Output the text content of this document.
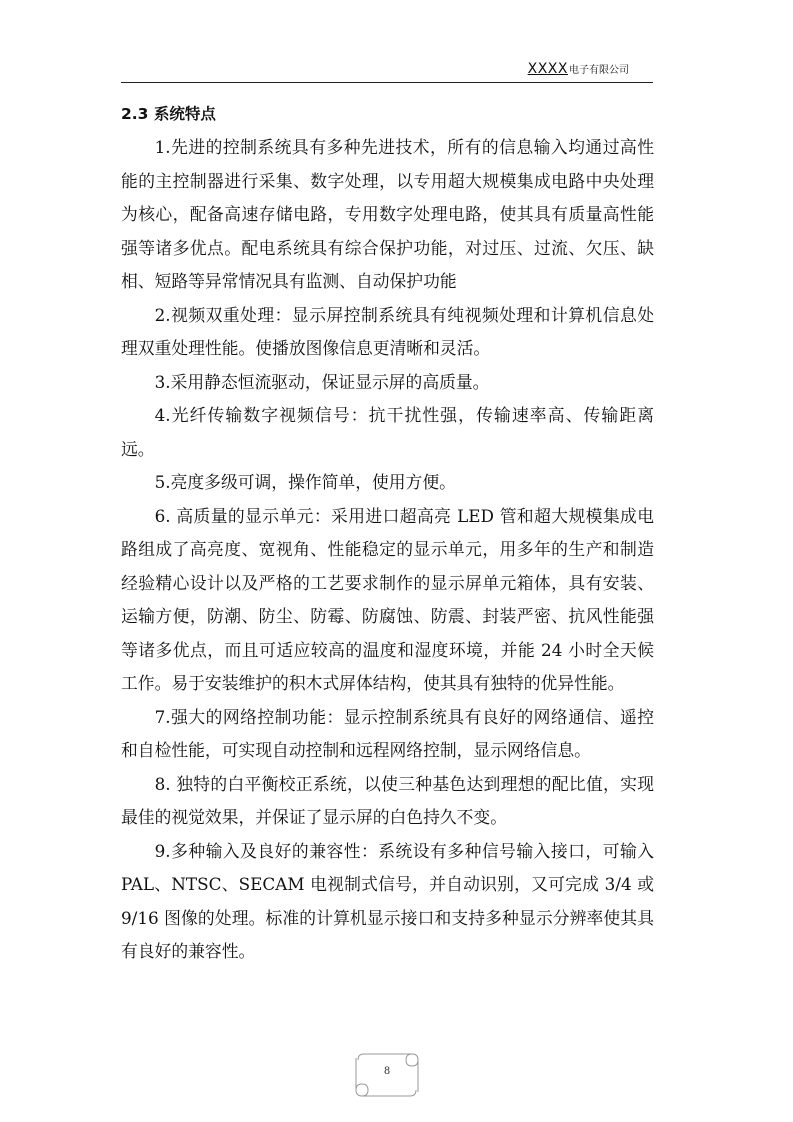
XXXX电子有限公司
2.3 系统特点

1.先进的控制系统具有多种先进技术，所有的信息输入均通过高性能的主控制器进行采集、数字处理，以专用超大规模集成电路中央处理为核心，配备高速存储电路，专用数字处理电路，使其具有质量高性能强等诸多优点。配电系统具有综合保护功能，对过压、过流、欠压、缺相、短路等异常情况具有监测、自动保护功能

2.视频双重处理：显示屏控制系统具有纯视频处理和计算机信息处理双重处理性能。使播放图像信息更清晰和灵活。

3.采用静态恒流驱动，保证显示屏的高质量。

4.光纤传输数字视频信号：抗干扰性强，传输速率高、传输距离远。

5.亮度多级可调，操作简单，使用方便。

6. 高质量的显示单元：采用进口超高亮 LED 管和超大规模集成电路组成了高亮度、宽视角、性能稳定的显示单元，用多年的生产和制造经验精心设计以及严格的工艺要求制作的显示屏单元箱体，具有安装、运输方便，防潮、防尘、防霉、防腐蚀、防震、封装严密、抗风性能强等诸多优点，而且可适应较高的温度和湿度环境，并能 24 小时全天候工作。易于安装维护的积木式屏体结构，使其具有独特的优异性能。

7.强大的网络控制功能：显示控制系统具有良好的网络通信、遥控和自检性能，可实现自动控制和远程网络控制，显示网络信息。

8. 独特的白平衡校正系统，以使三种基色达到理想的配比值，实现最佳的视觉效果，并保证了显示屏的白色持久不变。

9.多种输入及良好的兼容性：系统设有多种信号输入接口，可输入 PAL、NTSC、SECAM 电视制式信号，并自动识别，又可完成 3/4 或 9/16 图像的处理。标准的计算机显示接口和支持多种显示分辨率使其具有良好的兼容性。

8
